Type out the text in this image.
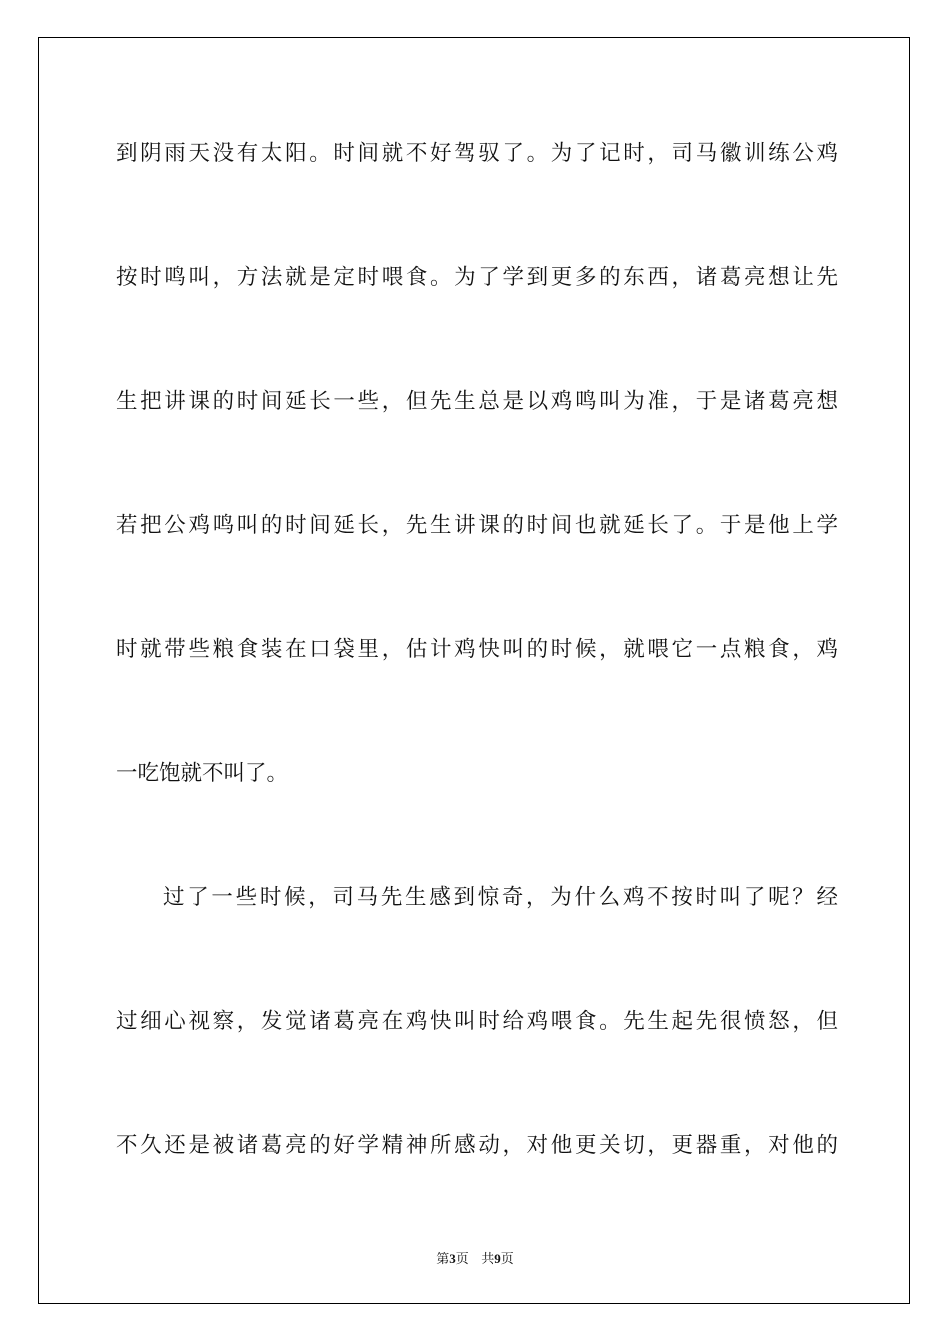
到阴雨天没有太阳。时间就不好驾驭了。为了记时，司马徽训练公鸡
按时鸣叫，方法就是定时喂食。为了学到更多的东西，诸葛亮想让先
生把讲课的时间延长一些，但先生总是以鸡鸣叫为准，于是诸葛亮想
若把公鸡鸣叫的时间延长，先生讲课的时间也就延长了。于是他上学
时就带些粮食装在口袋里，估计鸡快叫的时候，就喂它一点粮食，鸡
一吃饱就不叫了。
过了一些时候，司马先生感到惊奇，为什么鸡不按时叫了呢？经
过细心视察，发觉诸葛亮在鸡快叫时给鸡喂食。先生起先很愤怒，但
不久还是被诸葛亮的好学精神所感动，对他更关切，更器重，对他的
第3页 共9页
